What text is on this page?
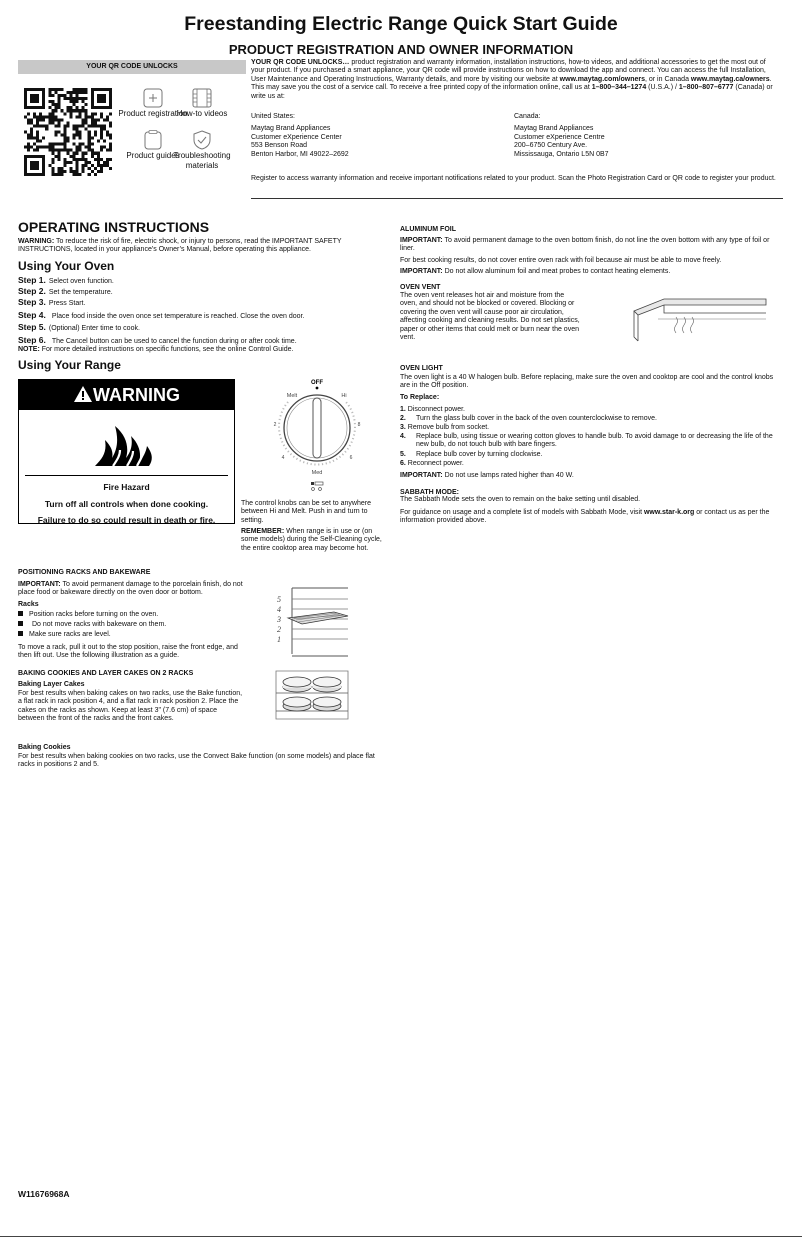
Freestanding Electric Range Quick Start Guide
PRODUCT REGISTRATION AND OWNER INFORMATION
YOUR QR CODE UNLOCKS
Product registration
How-to videos
Product guides
Troubleshooting materials
YOUR QR CODE UNLOCKS… product registration and warranty information, installation instructions, how-to videos, and additional accessories to get the most out of your product. If you purchased a smart appliance, your QR code will provide instructions on how to download the app and connect. You can access the full Installation, User Maintenance and Operating Instructions, Warranty details, and more by visiting our website at www.maytag.com/owners, or in Canada www.maytag.ca/owners. This may save you the cost of a service call. To receive a free printed copy of the information online, call us at 1–800–344–1274 (U.S.A.) / 1–800–807–6777 (Canada) or write us at:
United States:
Maytag Brand Appliances
Customer eXperience Center
553 Benson Road
Benton Harbor, MI 49022–2692
Canada:
Maytag Brand Appliances
Customer eXperience Centre
200–6750 Century Ave.
Mississauga, Ontario L5N 0B7
Register to access warranty information and receive important notifications related to your product. Scan the Photo Registration Card or QR code to register your product.
OPERATING INSTRUCTIONS
WARNING: To reduce the risk of fire, electric shock, or injury to persons, read the IMPORTANT SAFETY INSTRUCTIONS, located in your appliance’s Owner’s Manual, before operating this appliance.
Using Your Oven
Step 1. Select oven function.
Step 2. Set the temperature.
Step 3. Press Start.
Step 4. Place food inside the oven once set temperature is reached. Close the oven door.
Step 5. (Optional) Enter time to cook.
Step 6. The Cancel button can be used to cancel the function during or after cook time.
NOTE: For more detailed instructions on specific functions, see the online Control Guide.
Using Your Range
WARNING
Fire Hazard
Turn off all controls when done cooking.
Failure to do so could result in death or fire.
OFF
Melt	Hi
2	8
4	6
Med
The control knobs can be set to anywhere between Hi and Melt. Push in and turn to setting.
REMEMBER: When range is in use or (on some models) during the Self-Cleaning cycle, the entire cooktop area may become hot.
POSITIONING RACKS AND BAKEWARE
IMPORTANT: To avoid permanent damage to the porcelain finish, do not place food or bakeware directly on the oven door or bottom.
Racks
Position racks before turning on the oven.
Do not move racks with bakeware on them.
Make sure racks are level.
To move a rack, pull it out to the stop position, raise the front edge, and then lift out. Use the following illustration as a guide.
5
4
3
2
1
BAKING COOKIES AND LAYER CAKES ON 2 RACKS
Baking Layer Cakes
For best results when baking cakes on two racks, use the Bake function, a flat rack in rack position 4, and a flat rack in rack position 2. Place the cakes on the racks as shown. Keep at least 3" (7.6 cm) of space between the front of the racks and the front cakes.
Baking Cookies
For best results when baking cookies on two racks, use the Convect Bake function (on some models) and place flat racks in positions 2 and 5.
ALUMINUM FOIL
IMPORTANT: To avoid permanent damage to the oven bottom finish, do not line the oven bottom with any type of foil or liner.
For best cooking results, do not cover entire oven rack with foil because air must be able to move freely.
IMPORTANT: Do not allow aluminum foil and meat probes to contact heating elements.
OVEN VENT
The oven vent releases hot air and moisture from the oven, and should not be blocked or covered. Blocking or covering the oven vent will cause poor air circulation, affecting cooking and cleaning results. Do not set plastics, paper or other items that could melt or burn near the oven vent.
OVEN LIGHT
The oven light is a 40 W halogen bulb. Before replacing, make sure the oven and cooktop are cool and the control knobs are in the Off position.
To Replace:
1. Disconnect power.
2. Turn the glass bulb cover in the back of the oven counterclockwise to remove.
3. Remove bulb from socket.
4. Replace bulb, using tissue or wearing cotton gloves to handle bulb. To avoid damage to or decreasing the life of the new bulb, do not touch bulb with bare fingers.
5. Replace bulb cover by turning clockwise.
6. Reconnect power.
IMPORTANT: Do not use lamps rated higher than 40 W.
SABBATH MODE:
The Sabbath Mode sets the oven to remain on the bake setting until disabled.
For guidance on usage and a complete list of models with Sabbath Mode, visit www.star-k.org or contact us as per the information provided above.
W11676968A
